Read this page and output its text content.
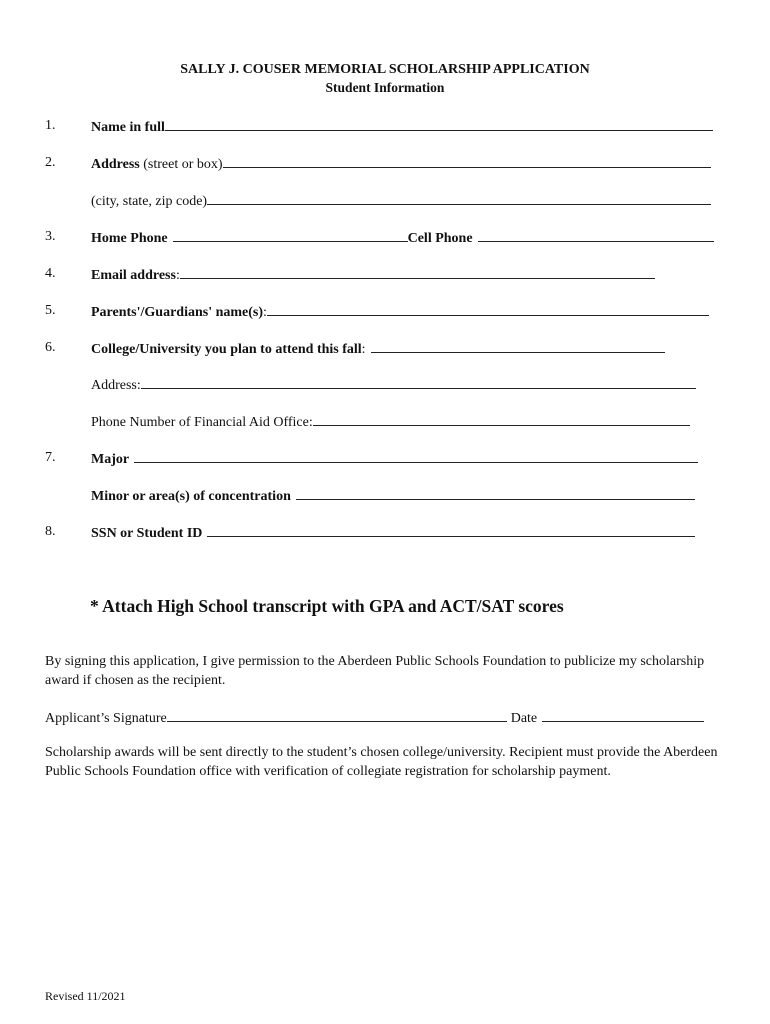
SALLY J. COUSER MEMORIAL SCHOLARSHIP APPLICATION
Student Information
1.	Name in full
2.	Address (street or box)
(city, state, zip code)
3.	Home Phone	Cell Phone
4.	Email address :
5.	Parents'/Guardians' name(s) :
6.	College/University you plan to attend this fall :
Address:
Phone Number of Financial Aid Office:
7.	Major
Minor or area(s) of concentration
8.	SSN or Student ID
* Attach High School transcript with GPA and ACT/SAT scores
By signing this application, I give permission to the Aberdeen Public Schools Foundation to publicize my scholarship award if chosen as the recipient.
Applicant’s Signature	Date
Scholarship awards will be sent directly to the student’s chosen college/university. Recipient must provide the Aberdeen Public Schools Foundation office with verification of collegiate registration for scholarship payment.
Revised 11/2021
